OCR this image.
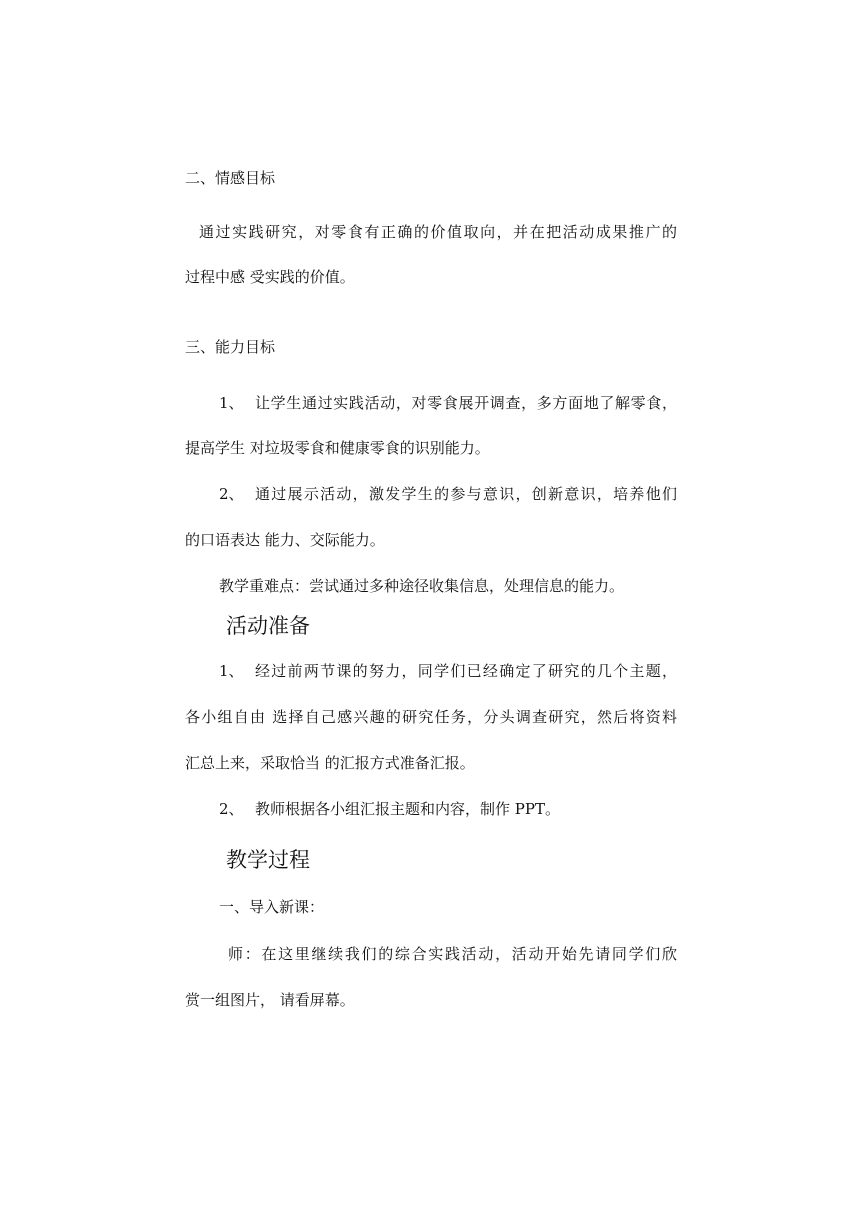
二、情感目标

通过实践研究，对零食有正确的价值取向，并在把活动成果推广的

过程中感 受实践的价值。

三、能力目标

1、 让学生通过实践活动，对零食展开调查，多方面地了解零食，

提高学生 对垃圾零食和健康零食的识别能力。

2、 通过展示活动，激发学生的参与意识，创新意识，培养他们

的口语表达 能力、交际能力。

教学重难点：尝试通过多种途径收集信息，处理信息的能力。

活动准备

1、 经过前两节课的努力，同学们已经确定了研究的几个主题，

各小组自由 选择自己感兴趣的研究任务，分头调查研究，然后将资料

汇总上来，采取恰当 的汇报方式准备汇报。

2、 教师根据各小组汇报主题和内容，制作 PPT。

教学过程

一、导入新课：

师：在这里继续我们的综合实践活动，活动开始先请同学们欣

赏一组图片， 请看屏幕。
